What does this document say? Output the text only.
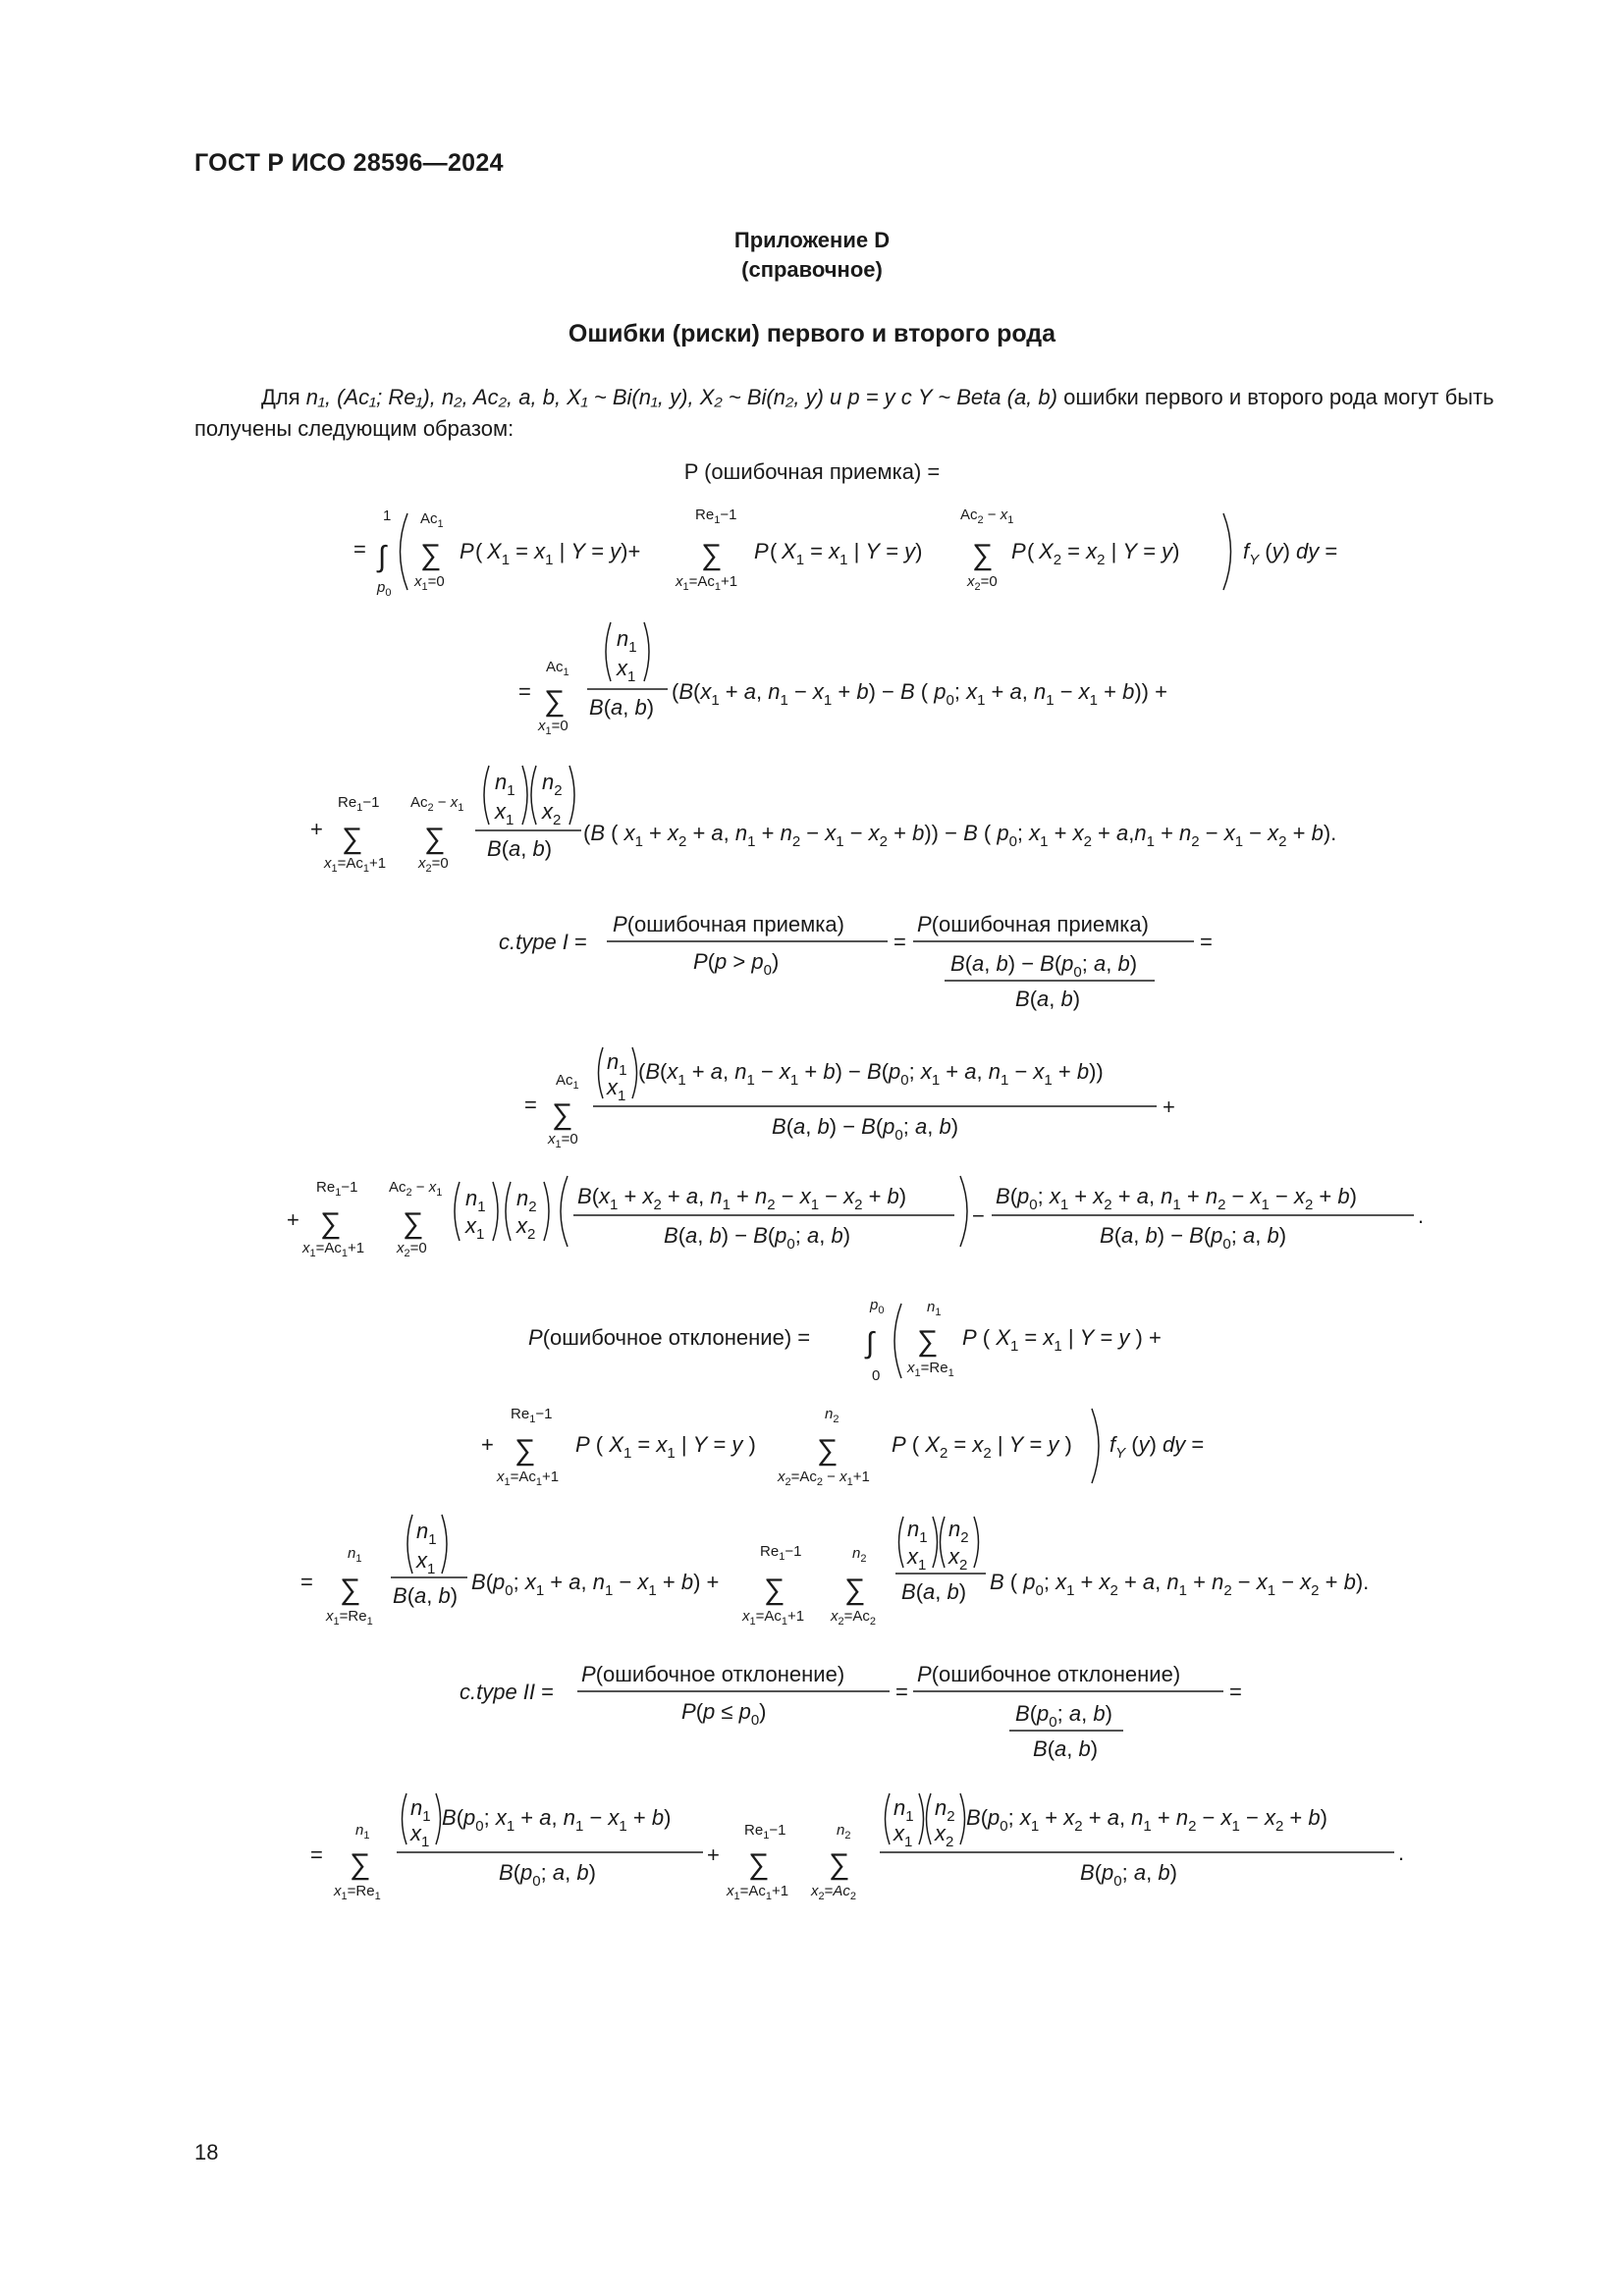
ГОСТ Р ИСО 28596—2024
Приложение D
(справочное)
Ошибки (риски) первого и второго рода
Для n₁, (Ac₁; Re₁), n₂, Ac₂, a, b, X₁ ~ Bi(n₁, y), X₂ ~ Bi(n₂, y) и p = y с Y ~ Beta (a, b) ошибки первого и второго рода могут быть получены следующим образом:
P (ошибочная приемка) =
=
1
∫
$p_0$
$Ac_1$
∑
$x_1=0$
P ( $X_1 = x_1$ | Y = y)+
$Re_1-1$
∑
$x_1=Ac_1+1$
P ( $X_1 = x_1$ | Y = y)
$Ac_2 - x_1$
∑
$x_2=0$
P ( $X_2 = x_2$ | Y = y)	$f_Y$ (y) dy =
=
$Ac_1$
∑
$x_1=0$
$n_1$
$x_1$
B(a, b)
($B(x_1 + a$, $n_1 - x_1 + b) - B$ ( $p_0$; $x_1 + a$, $n_1 - x_1 + b$)) +
+
$Re_1-1$
∑
$x_1=Ac_1+1$
$Ac_2 - x_1$
∑
$x_2=0$
$n_1$
$x_1$
$n_2$
$x_2$
B(a, b)
(B ( $x_1 + x_2 + a$, $n_1 + n_2 - x_1 - x_2 + b)) - B$ ( $p_0$; $x_1 + x_2 + a,n_1 + n_2 - x_1 - x_2 + b$).
c.type I =
P(ошибочная приемка)
$P(p > p_0)$
=
P(ошибочная приемка)
B(a, $b) - B(p_0$; a, b)
B(a, b)
=
=
$Ac_1$
∑
$x_1=0$
$n_1$
$x_1$
($B(x_1 + a$, $n_1 - x_1 + b) - B(p_0$; $x_1 + a$, $n_1 - x_1 + b$))
B(a, $b) - B(p_0$; a, b)
+
+
$Re_1-1$
∑
$x_1=Ac_1+1$
$Ac_2 - x_1$
∑
$x_2=0$
$n_1$
$x_1$
$n_2$
$x_2$
$B(x_1 + x_2 + a$, $n_1 + n_2 - x_1 - x_2 + b$)
B(a, $b) - B(p_0$; a, b)
−
$B(p_0$; $x_1 + x_2 + a$, $n_1 + n_2 - x_1 - x_2 + b$)
B(a, $b) - B(p_0$; a, b)
.
P(ошибочное отклонение) =
$p_0$
∫
0
$n_1$
∑
$x_1=Re_1$
P ( $X_1 = x_1$ | Y = y ) +
+
$Re_1-1$
∑
$x_1=Ac_1+1$
P ( $X_1 = x_1$ | Y = y )
$n_2$
∑
$x_2=Ac_2 - x_1+1$
P ( $X_2 = x_2$ | Y = y ) $f_Y$ (y) dy =
=
$n_1$
∑
$x_1=Re_1$
$n_1$
$x_1$
B(a, b)
$B(p_0$; $x_1 + a$, $n_1 - x_1 + b$) +
$Re_1-1$
∑
$x_1=Ac_1+1$
$n_2$
∑
$x_2=Ac_2$
$n_1$
$x_1$
$n_2$
$x_2$
B(a, b) B ( $p_0$; $x_1 + x_2 + a$, $n_1 + n_2 - x_1 - x_2 + b$).
c.type II =
P(ошибочное отклонение)
$P(p \le p_0)$
=
P(ошибочное отклонение)
$B(p_0$; a, b)
B(a, b)
=
=
$n_1$
∑
$x_1=Re_1$
$n_1$
$x_1$
$B(p_0$; $x_1 + a$, $n_1 - x_1 + b$)
$B(p_0$; a, b)
+
$Re_1-1$
∑
$x_1=Ac_1+1$
$n_2$
∑
$x_2=Ac_2$
$n_1$
$x_1$
$n_2$
$x_2$
$B(p_0$; $x_1 + x_2 + a$, $n_1 + n_2 - x_1 - x_2 + b$)
$B(p_0$; a, b)
.
18
